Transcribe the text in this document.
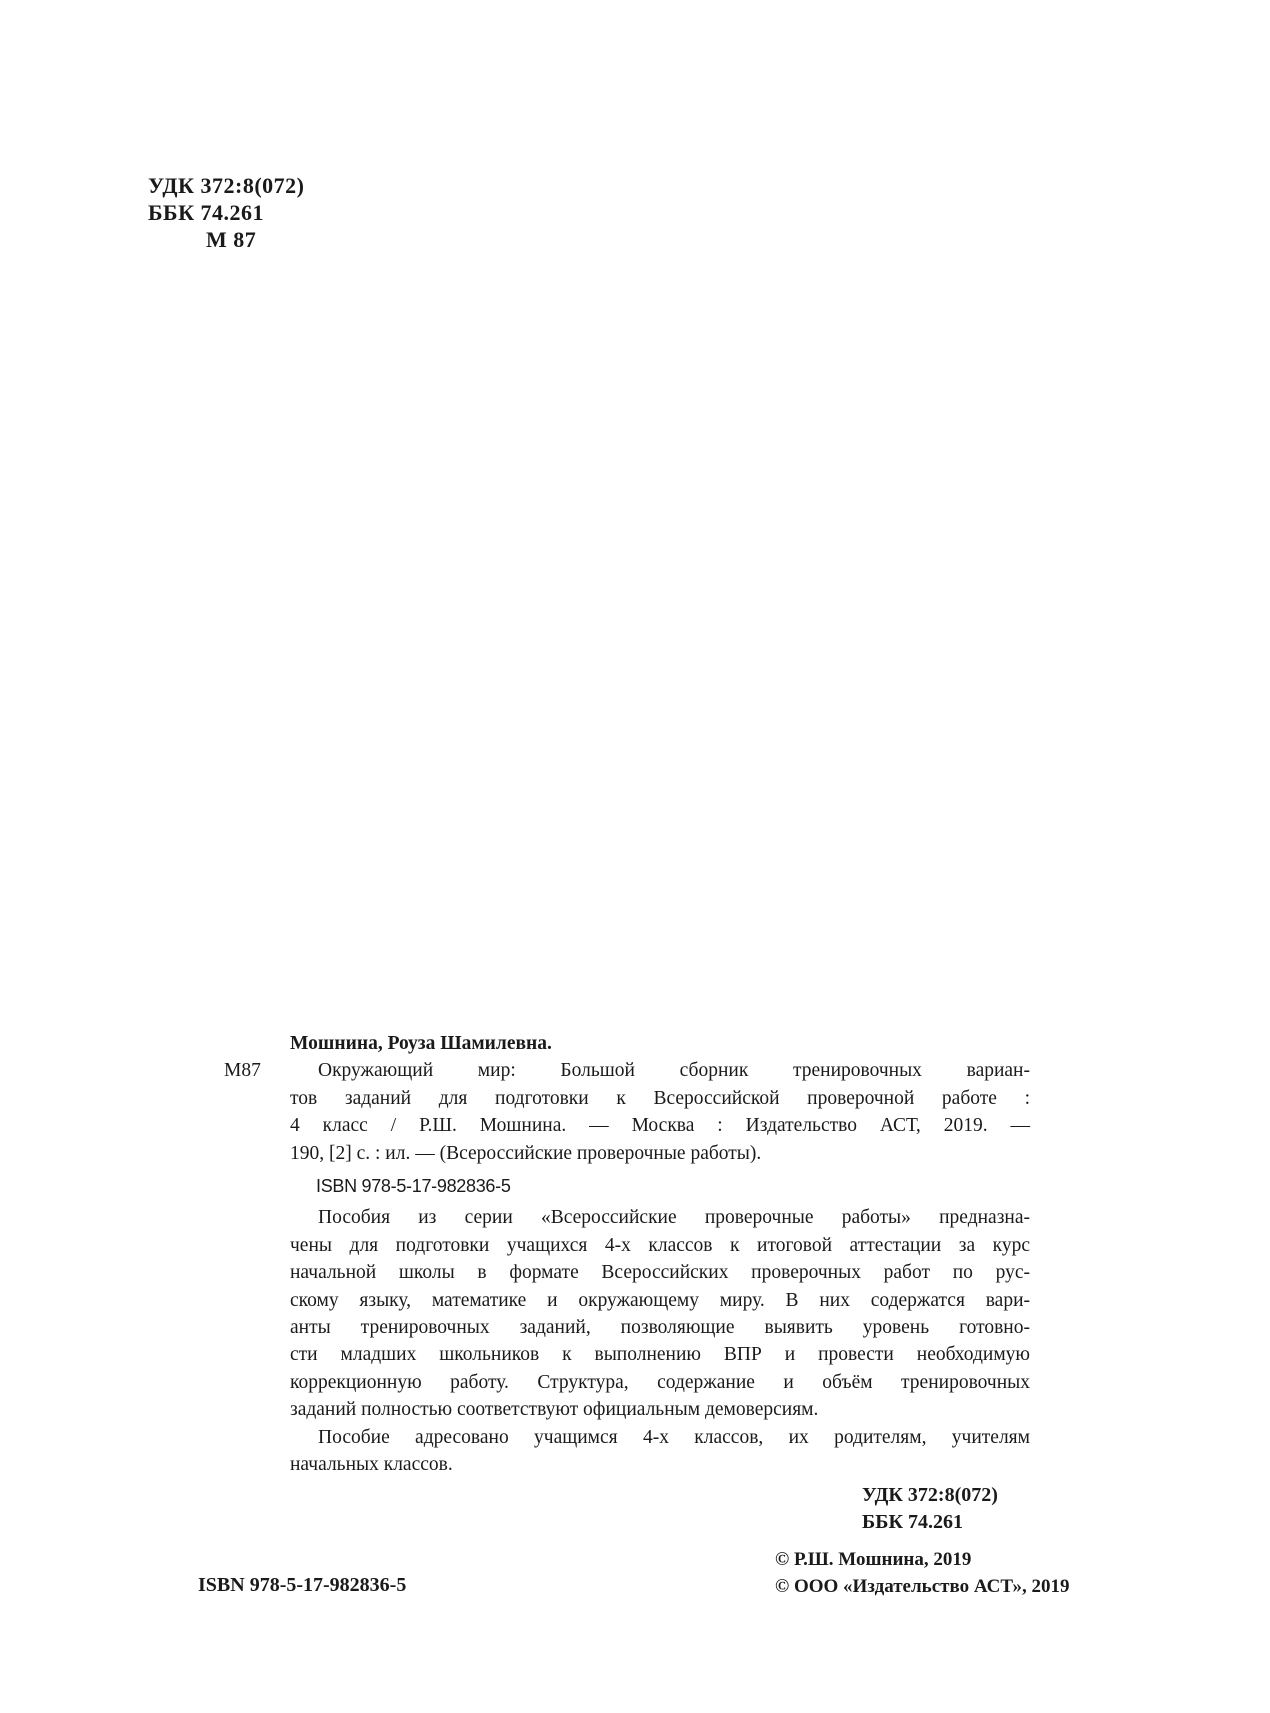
УДК 372:8(072)
ББК 74.261
М 87
М87
Мошнина, Роуза Шамилевна.
Окружающий мир: Большой сборник тренировочных вариан-
тов заданий для подготовки к Всероссийской проверочной работе :
4 класс / Р.Ш. Мошнина. — Москва : Издательство АСТ, 2019. —
190, [2] с. : ил. — (Всероссийские проверочные работы).
ISBN 978-5-17-982836-5
Пособия из серии «Всероссийские проверочные работы» предназна-
чены для подготовки учащихся 4-х классов к итоговой аттестации за курс
начальной школы в формате Всероссийских проверочных работ по рус-
скому языку, математике и окружающему миру. В них содержатся вари-
анты тренировочных заданий, позволяющие выявить уровень готовно-
сти младших школьников к выполнению ВПР и провести необходимую
коррекционную работу. Структура, содержание и объём тренировочных
заданий полностью соответствуют официальным демоверсиям.
Пособие адресовано учащимся 4-х классов, их родителям, учителям
начальных классов.
УДК 372:8(072)
ББК 74.261
© Р.Ш. Мошнина, 2019
© ООО «Издательство АСТ», 2019
ISBN 978-5-17-982836-5
